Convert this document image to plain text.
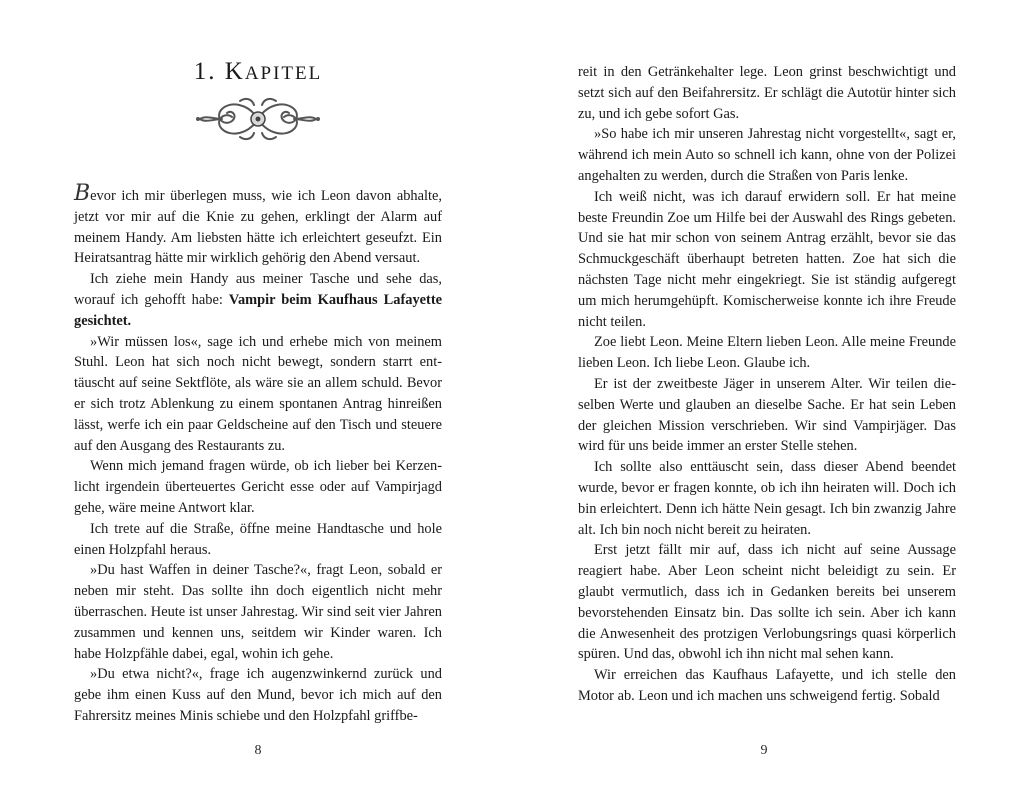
1. KAPITEL

Bevor ich mir überlegen muss, wie ich Leon davon abhalte, jetzt vor mir auf die Knie zu gehen, erklingt der Alarm auf meinem Handy. Am liebsten hätte ich erleichtert geseufzt. Ein Heiratsantrag hätte mir wirklich gehörig den Abend versaut.

Ich ziehe mein Handy aus meiner Tasche und sehe das, worauf ich gehofft habe: Vampir beim Kaufhaus Lafayette gesichtet.

»Wir müssen los«, sage ich und erhebe mich von meinem Stuhl. Leon hat sich noch nicht bewegt, sondern starrt enttäuscht auf seine Sektflöte, als wäre sie an allem schuld. Bevor er sich trotz Ablenkung zu einem spontanen Antrag hinreißen lässt, werfe ich ein paar Geldscheine auf den Tisch und steuere auf den Ausgang des Restaurants zu.

Wenn mich jemand fragen würde, ob ich lieber bei Kerzenlicht irgendein überteuertes Gericht esse oder auf Vampirjagd gehe, wäre meine Antwort klar.

Ich trete auf die Straße, öffne meine Handtasche und hole einen Holzpfahl heraus.

»Du hast Waffen in deiner Tasche?«, fragt Leon, sobald er neben mir steht. Das sollte ihn doch eigentlich nicht mehr überraschen. Heute ist unser Jahrestag. Wir sind seit vier Jahren zusammen und kennen uns, seitdem wir Kinder waren. Ich habe Holzpfähle dabei, egal, wohin ich gehe.

»Du etwa nicht?«, frage ich augenzwinkernd zurück und gebe ihm einen Kuss auf den Mund, bevor ich mich auf den Fahrersitz meines Minis schiebe und den Holzpfahl griffbe-

8

reit in den Getränkehalter lege. Leon grinst beschwichtigt und setzt sich auf den Beifahrersitz. Er schlägt die Autotür hinter sich zu, und ich gebe sofort Gas.

»So habe ich mir unseren Jahrestag nicht vorgestellt«, sagt er, während ich mein Auto so schnell ich kann, ohne von der Polizei angehalten zu werden, durch die Straßen von Paris lenke.

Ich weiß nicht, was ich darauf erwidern soll. Er hat meine beste Freundin Zoe um Hilfe bei der Auswahl des Rings gebeten. Und sie hat mir schon von seinem Antrag erzählt, bevor sie das Schmuckgeschäft überhaupt betreten hatten. Zoe hat sich die nächsten Tage nicht mehr eingekriegt. Sie ist ständig aufgeregt um mich herumgehüpft. Komischerweise konnte ich ihre Freude nicht teilen.

Zoe liebt Leon. Meine Eltern lieben Leon. Alle meine Freunde lieben Leon. Ich liebe Leon. Glaube ich.

Er ist der zweitbeste Jäger in unserem Alter. Wir teilen dieselben Werte und glauben an dieselbe Sache. Er hat sein Leben der gleichen Mission verschrieben. Wir sind Vampirjäger. Das wird für uns beide immer an erster Stelle stehen.

Ich sollte also enttäuscht sein, dass dieser Abend beendet wurde, bevor er fragen konnte, ob ich ihn heiraten will. Doch ich bin erleichtert. Denn ich hätte Nein gesagt. Ich bin zwanzig Jahre alt. Ich bin noch nicht bereit zu heiraten.

Erst jetzt fällt mir auf, dass ich nicht auf seine Aussage reagiert habe. Aber Leon scheint nicht beleidigt zu sein. Er glaubt vermutlich, dass ich in Gedanken bereits bei unserem bevorstehenden Einsatz bin. Das sollte ich sein. Aber ich kann die Anwesenheit des protzigen Verlobungsrings quasi körperlich spüren. Und das, obwohl ich ihn nicht mal sehen kann.

Wir erreichen das Kaufhaus Lafayette, und ich stelle den Motor ab. Leon und ich machen uns schweigend fertig. Sobald

9
